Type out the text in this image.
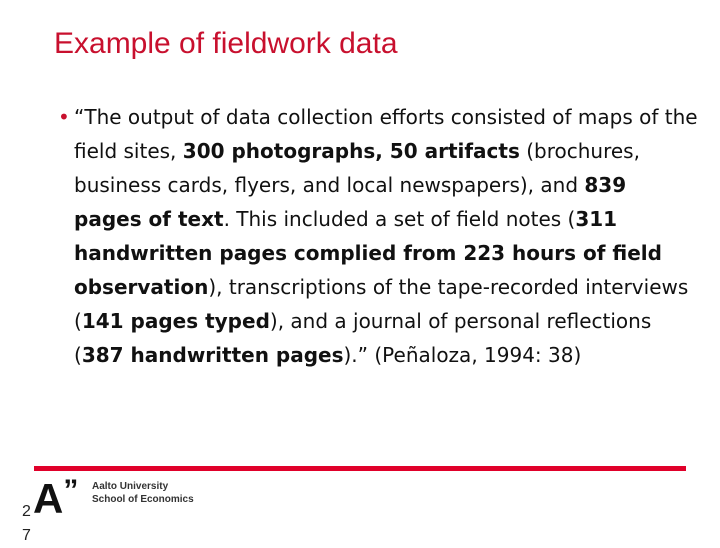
Example of fieldwork data
• “The output of data collection efforts consisted of maps of the field sites, 300 photographs, 50 artifacts (brochures, business cards, flyers, and local newspapers), and 839 pages of text. This included a set of field notes (311 handwritten pages complied from 223 hours of field observation), transcriptions of the tape-recorded interviews (141 pages typed), and a journal of personal reflections (387 handwritten pages).” (Peñaloza, 1994: 38)
A” Aalto University
School of Economics
27
